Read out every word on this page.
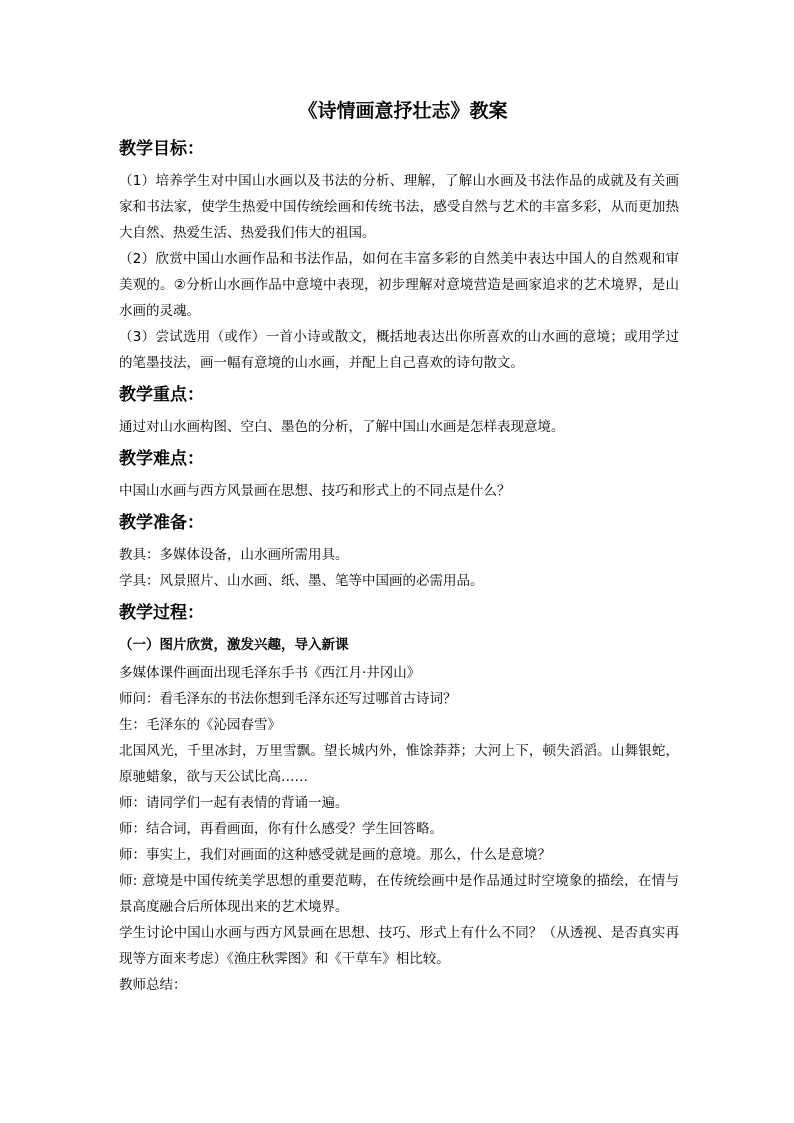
《诗情画意抒壮志》教案
教学目标：

（1）培养学生对中国山水画以及书法的分析、理解，了解山水画及书法作品的成就及有关画家和书法家，使学生热爱中国传统绘画和传统书法，感受自然与艺术的丰富多彩，从而更加热大自然、热爱生活、热爱我们伟大的祖国。

（2）欣赏中国山水画作品和书法作品，如何在丰富多彩的自然美中表达中国人的自然观和审美观的。②分析山水画作品中意境中表现，初步理解对意境营造是画家追求的艺术境界，是山水画的灵魂。

（3）尝试选用（或作）一首小诗或散文，概括地表达出你所喜欢的山水画的意境；或用学过的笔墨技法，画一幅有意境的山水画，并配上自己喜欢的诗句散文。

教学重点：

通过对山水画构图、空白、墨色的分析，了解中国山水画是怎样表现意境。

教学难点：

中国山水画与西方风景画在思想、技巧和形式上的不同点是什么？

教学准备：

教具：多媒体设备，山水画所需用具。

学具：风景照片、山水画、纸、墨、笔等中国画的必需用品。

教学过程：
（一）图片欣赏，激发兴趣，导入新课

多媒体课件画面出现毛泽东手书《西江月·井冈山》

师问：看毛泽东的书法你想到毛泽东还写过哪首古诗词？

生：毛泽东的《沁园春雪》

北国风光，千里冰封，万里雪飘。望长城内外，惟馀莽莽；大河上下，顿失滔滔。山舞银蛇，原驰蜡象，欲与天公试比高……

师：请同学们一起有表情的背诵一遍。

师：结合词，再看画面，你有什么感受？学生回答略。

师：事实上，我们对画面的这种感受就是画的意境。那么，什么是意境？

师: 意境是中国传统美学思想的重要范畴，在传统绘画中是作品通过时空境象的描绘，在情与景高度融合后所体现出来的艺术境界。

学生讨论中国山水画与西方风景画在思想、技巧、形式上有什么不同？（从透视、是否真实再现等方面来考虑）《渔庄秋霁图》和《干草车》相比较。

教师总结：
